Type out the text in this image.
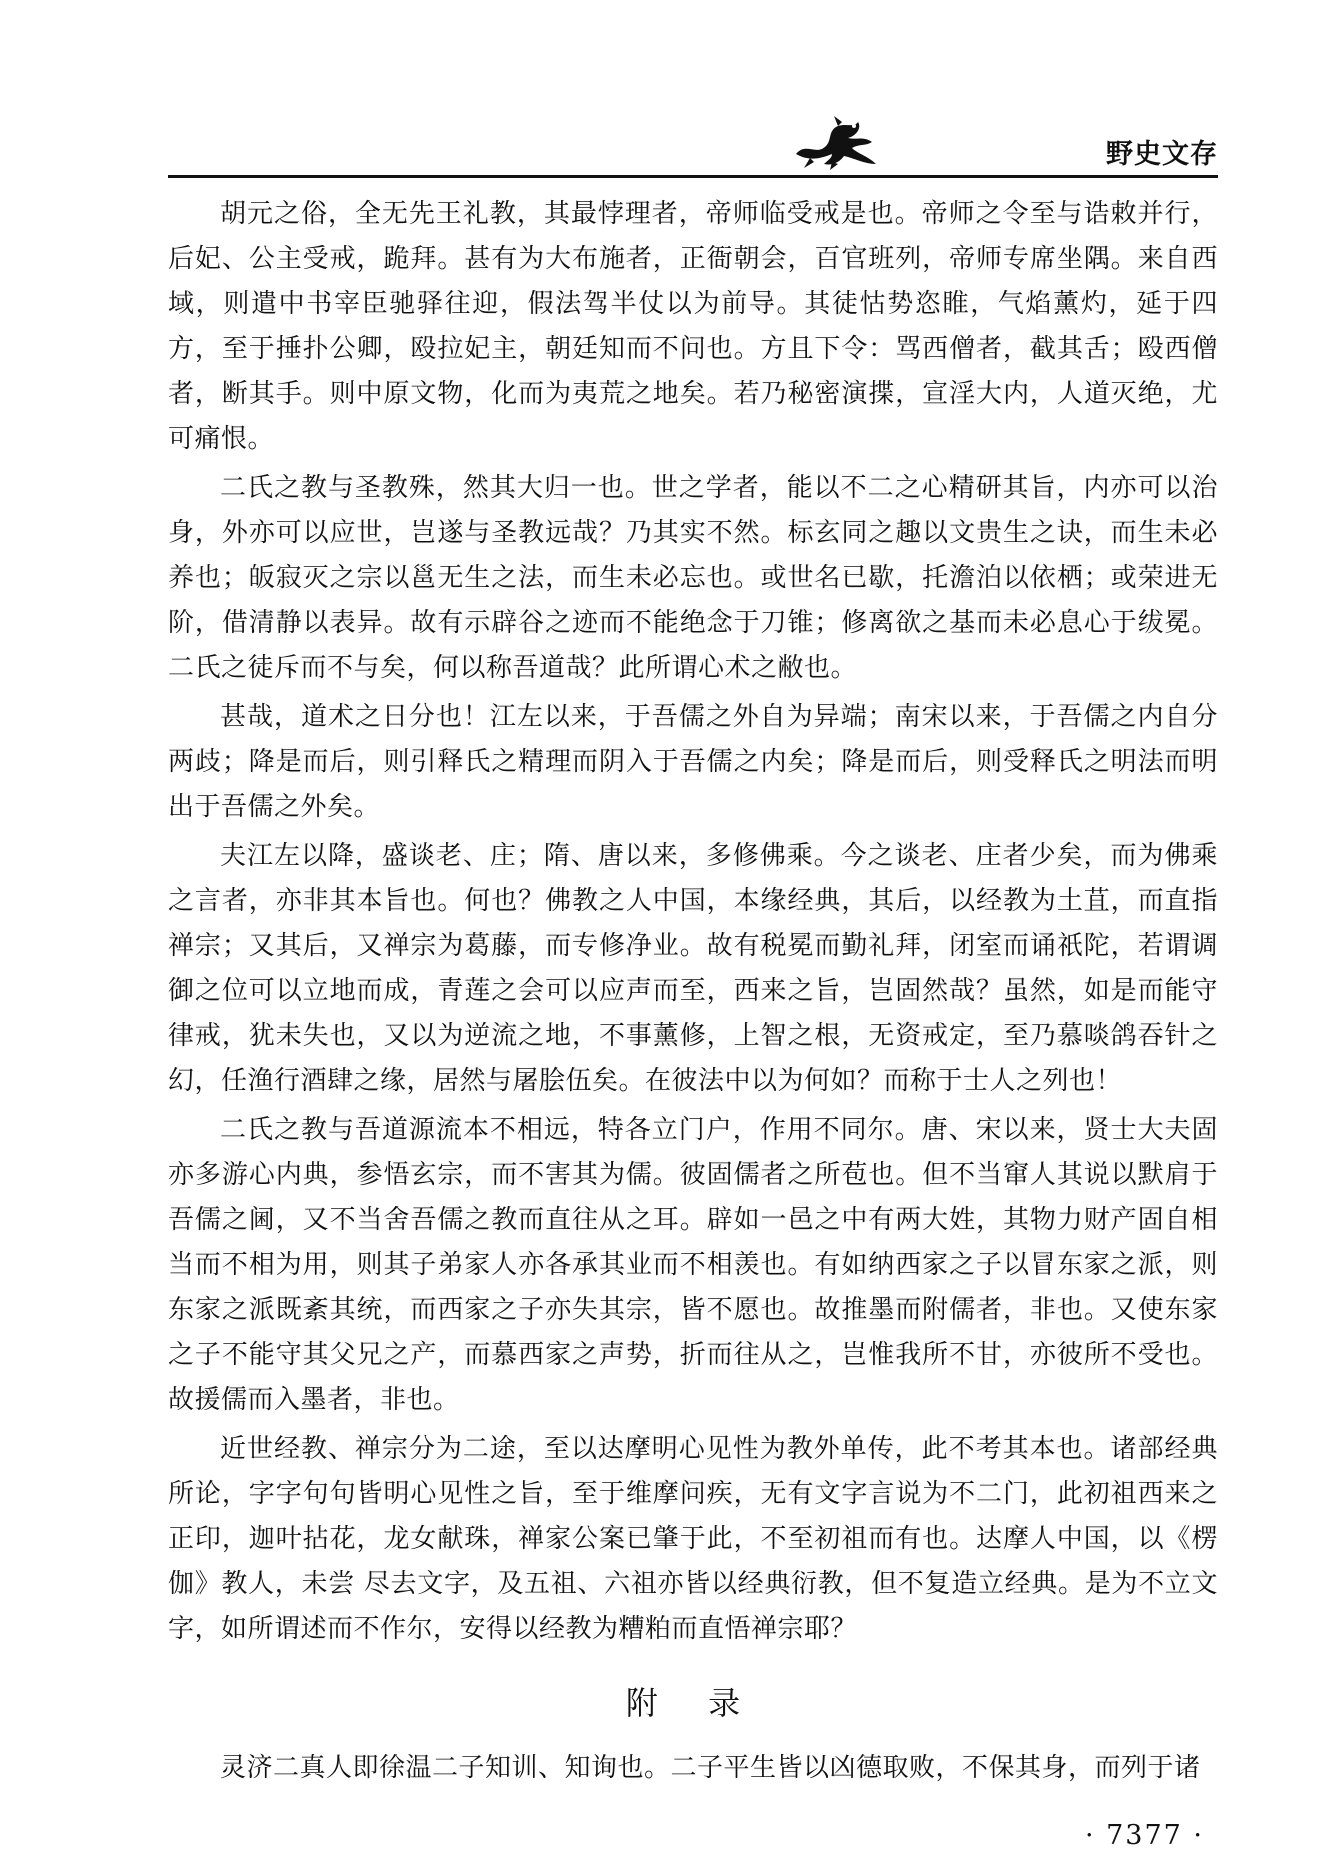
野史文存

胡元之俗，全无先王礼教，其最悖理者，帝师临受戒是也。帝师之令至与诰敕并行，后妃、公主受戒，跪拜。甚有为大布施者，正衙朝会，百官班列，帝师专席坐隅。来自西域，则遣中书宰臣驰驿往迎，假法驾半仗以为前导。其徒怙势恣睢，气焰薰灼，延于四方，至于捶扑公卿，殴拉妃主，朝廷知而不问也。方且下令：骂西僧者，截其舌；殴西僧者，断其手。则中原文物，化而为夷荒之地矣。若乃秘密演揲，宣淫大内，人道灭绝，尤可痛恨。

二氏之教与圣教殊，然其大归一也。世之学者，能以不二之心精研其旨，内亦可以治身，外亦可以应世，岂遂与圣教远哉？乃其实不然。标玄同之趣以文贵生之诀，而生未必养也；皈寂灭之宗以邕无生之法，而生未必忘也。或世名已歇，托澹泊以依栖；或荣进无阶，借清静以表异。故有示辟谷之迹而不能绝念于刀锥；修离欲之基而未必息心于绂冕。二氏之徒斥而不与矣，何以称吾道哉？此所谓心术之敝也。

甚哉，道术之日分也！江左以来，于吾儒之外自为异端；南宋以来，于吾儒之内自分两歧；降是而后，则引释氏之精理而阴入于吾儒之内矣；降是而后，则受释氏之明法而明出于吾儒之外矣。

夫江左以降，盛谈老、庄；隋、唐以来，多修佛乘。今之谈老、庄者少矣，而为佛乘之言者，亦非其本旨也。何也？佛教之人中国，本缘经典，其后，以经教为土苴，而直指禅宗；又其后，又禅宗为葛藤，而专修净业。故有税冕而勤礼拜，闭室而诵祇陀，若谓调御之位可以立地而成，青莲之会可以应声而至，西来之旨，岂固然哉？虽然，如是而能守律戒，犹未失也，又以为逆流之地，不事薰修，上智之根，无资戒定，至乃慕啖鸽吞针之幻，任渔行酒肆之缘，居然与屠脍伍矣。在彼法中以为何如？而称于士人之列也！

二氏之教与吾道源流本不相远，特各立门户，作用不同尔。唐、宋以来，贤士大夫固亦多游心内典，参悟玄宗，而不害其为儒。彼固儒者之所苞也。但不当窜人其说以默肩于吾儒之阃，又不当舍吾儒之教而直往从之耳。辟如一邑之中有两大姓，其物力财产固自相当而不相为用，则其子弟家人亦各承其业而不相羡也。有如纳西家之子以冒东家之派，则东家之派既紊其统，而西家之子亦失其宗，皆不愿也。故推墨而附儒者，非也。又使东家之子不能守其父兄之产，而慕西家之声势，折而往从之，岂惟我所不甘，亦彼所不受也。故援儒而入墨者，非也。

近世经教、禅宗分为二途，至以达摩明心见性为教外单传，此不考其本也。诸部经典所论，字字句句皆明心见性之旨，至于维摩问疾，无有文字言说为不二门，此初祖西来之正印，迦叶拈花，龙女献珠，禅家公案已肇于此，不至初祖而有也。达摩人中国，以《楞伽》教人，未尝 尽去文字，及五祖、六祖亦皆以经典衍教，但不复造立经典。是为不立文字，如所谓述而不作尔，安得以经教为糟粕而直悟禅宗耶？

附 录

灵济二真人即徐温二子知训、知询也。二子平生皆以凶德取败，不保其身，而列于诸

· 7377 ·
